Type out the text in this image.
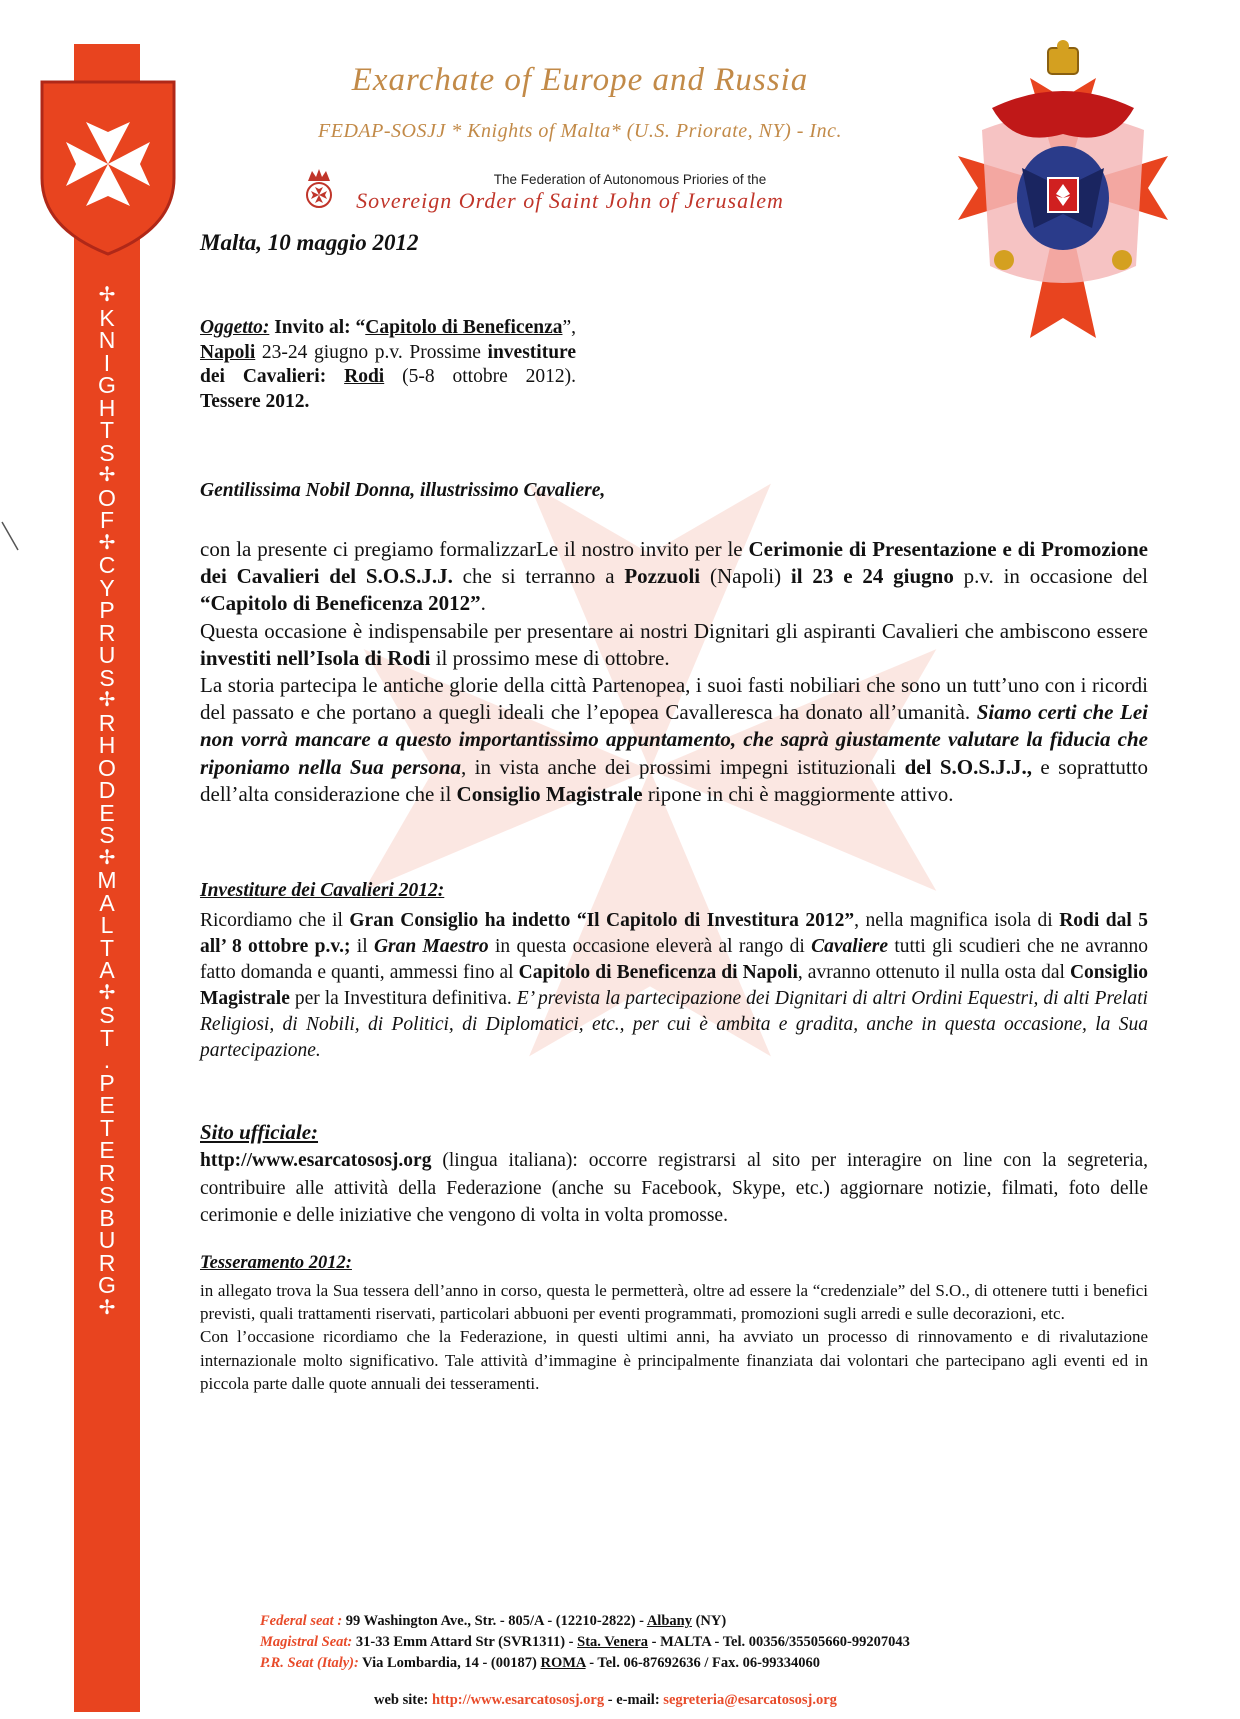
✢
K
N
I
G
H
T
S
✢
O
F
✢
C
Y
P
R
U
S
✢
R
H
O
D
E
S
✢
M
A
L
T
A
✢
S
T
.
P
E
T
E
R
S
B
U
R
G
✢
Exarchate of Europe and Russia
FEDAP-SOSJJ * Knights of Malta* (U.S. Priorate, NY) - Inc.
The Federation of Autonomous Priories of the
Sovereign Order of Saint John of Jerusalem
Malta, 10 maggio 2012
Oggetto: Invito al: “Capitolo di Beneficenza”, Napoli 23-24 giugno p.v. Prossime investiture dei Cavalieri: Rodi (5-8 ottobre 2012). Tessere 2012.
Gentilissima Nobil Donna, illustrissimo Cavaliere,
con la presente ci pregiamo formalizzarLe il nostro invito per le Cerimonie di Presentazione e di Promozione dei Cavalieri del S.O.S.J.J. che si terranno a Pozzuoli (Napoli) il 23 e 24 giugno p.v. in occasione del “Capitolo di Beneficenza 2012”.
Questa occasione è indispensabile per presentare ai nostri Dignitari gli aspiranti Cavalieri che ambiscono essere investiti nell’Isola di Rodi il prossimo mese di ottobre.
La storia partecipa le antiche glorie della città Partenopea, i suoi fasti nobiliari che sono un tutt’uno con i ricordi del passato e che portano a quegli ideali che l’epopea Cavalleresca ha donato all’umanità. Siamo certi che Lei non vorrà mancare a questo importantissimo appuntamento, che saprà giustamente valutare la fiducia che riponiamo nella Sua persona, in vista anche dei prossimi impegni istituzionali del S.O.S.J.J., e soprattutto dell’alta considerazione che il Consiglio Magistrale ripone in chi è maggiormente attivo.
Investiture dei Cavalieri 2012:
Ricordiamo che il Gran Consiglio ha indetto “Il Capitolo di Investitura 2012”, nella magnifica isola di Rodi dal 5 all’ 8 ottobre p.v.; il Gran Maestro in questa occasione eleverà al rango di Cavaliere tutti gli scudieri che ne avranno fatto domanda e quanti, ammessi fino al Capitolo di Beneficenza di Napoli, avranno ottenuto il nulla osta dal Consiglio Magistrale per la Investitura definitiva. E’ prevista la partecipazione dei Dignitari di altri Ordini Equestri, di alti Prelati Religiosi, di Nobili, di Politici, di Diplomatici, etc., per cui è ambita e gradita, anche in questa occasione, la Sua partecipazione.
Sito ufficiale:
http://www.esarcatososj.org (lingua italiana): occorre registrarsi al sito per interagire on line con la segreteria, contribuire alle attività della Federazione (anche su Facebook, Skype, etc.) aggiornare notizie, filmati, foto delle cerimonie e delle iniziative che vengono di volta in volta promosse.
Tesseramento 2012:
in allegato trova la Sua tessera dell’anno in corso, questa le permetterà, oltre ad essere la “credenziale” del S.O., di ottenere tutti i benefici previsti, quali trattamenti riservati, particolari abbuoni per eventi programmati, promozioni sugli arredi e sulle decorazioni, etc.
Con l’occasione ricordiamo che la Federazione, in questi ultimi anni, ha avviato un processo di rinnovamento e di rivalutazione internazionale molto significativo. Tale attività d’immagine è principalmente finanziata dai volontari che partecipano agli eventi ed in piccola parte dalle quote annuali dei tesseramenti.
Federal seat : 99 Washington Ave., Str. - 805/A - (12210-2822) - Albany (NY)
Magistral Seat: 31-33 Emm Attard Str (SVR1311) - Sta. Venera - MALTA - Tel. 00356/35505660-99207043
P.R. Seat (Italy): Via Lombardia, 14 - (00187) ROMA - Tel. 06-87692636 / Fax. 06-99334060
web site: http://www.esarcatososj.org - e-mail: segreteria@esarcatososj.org
